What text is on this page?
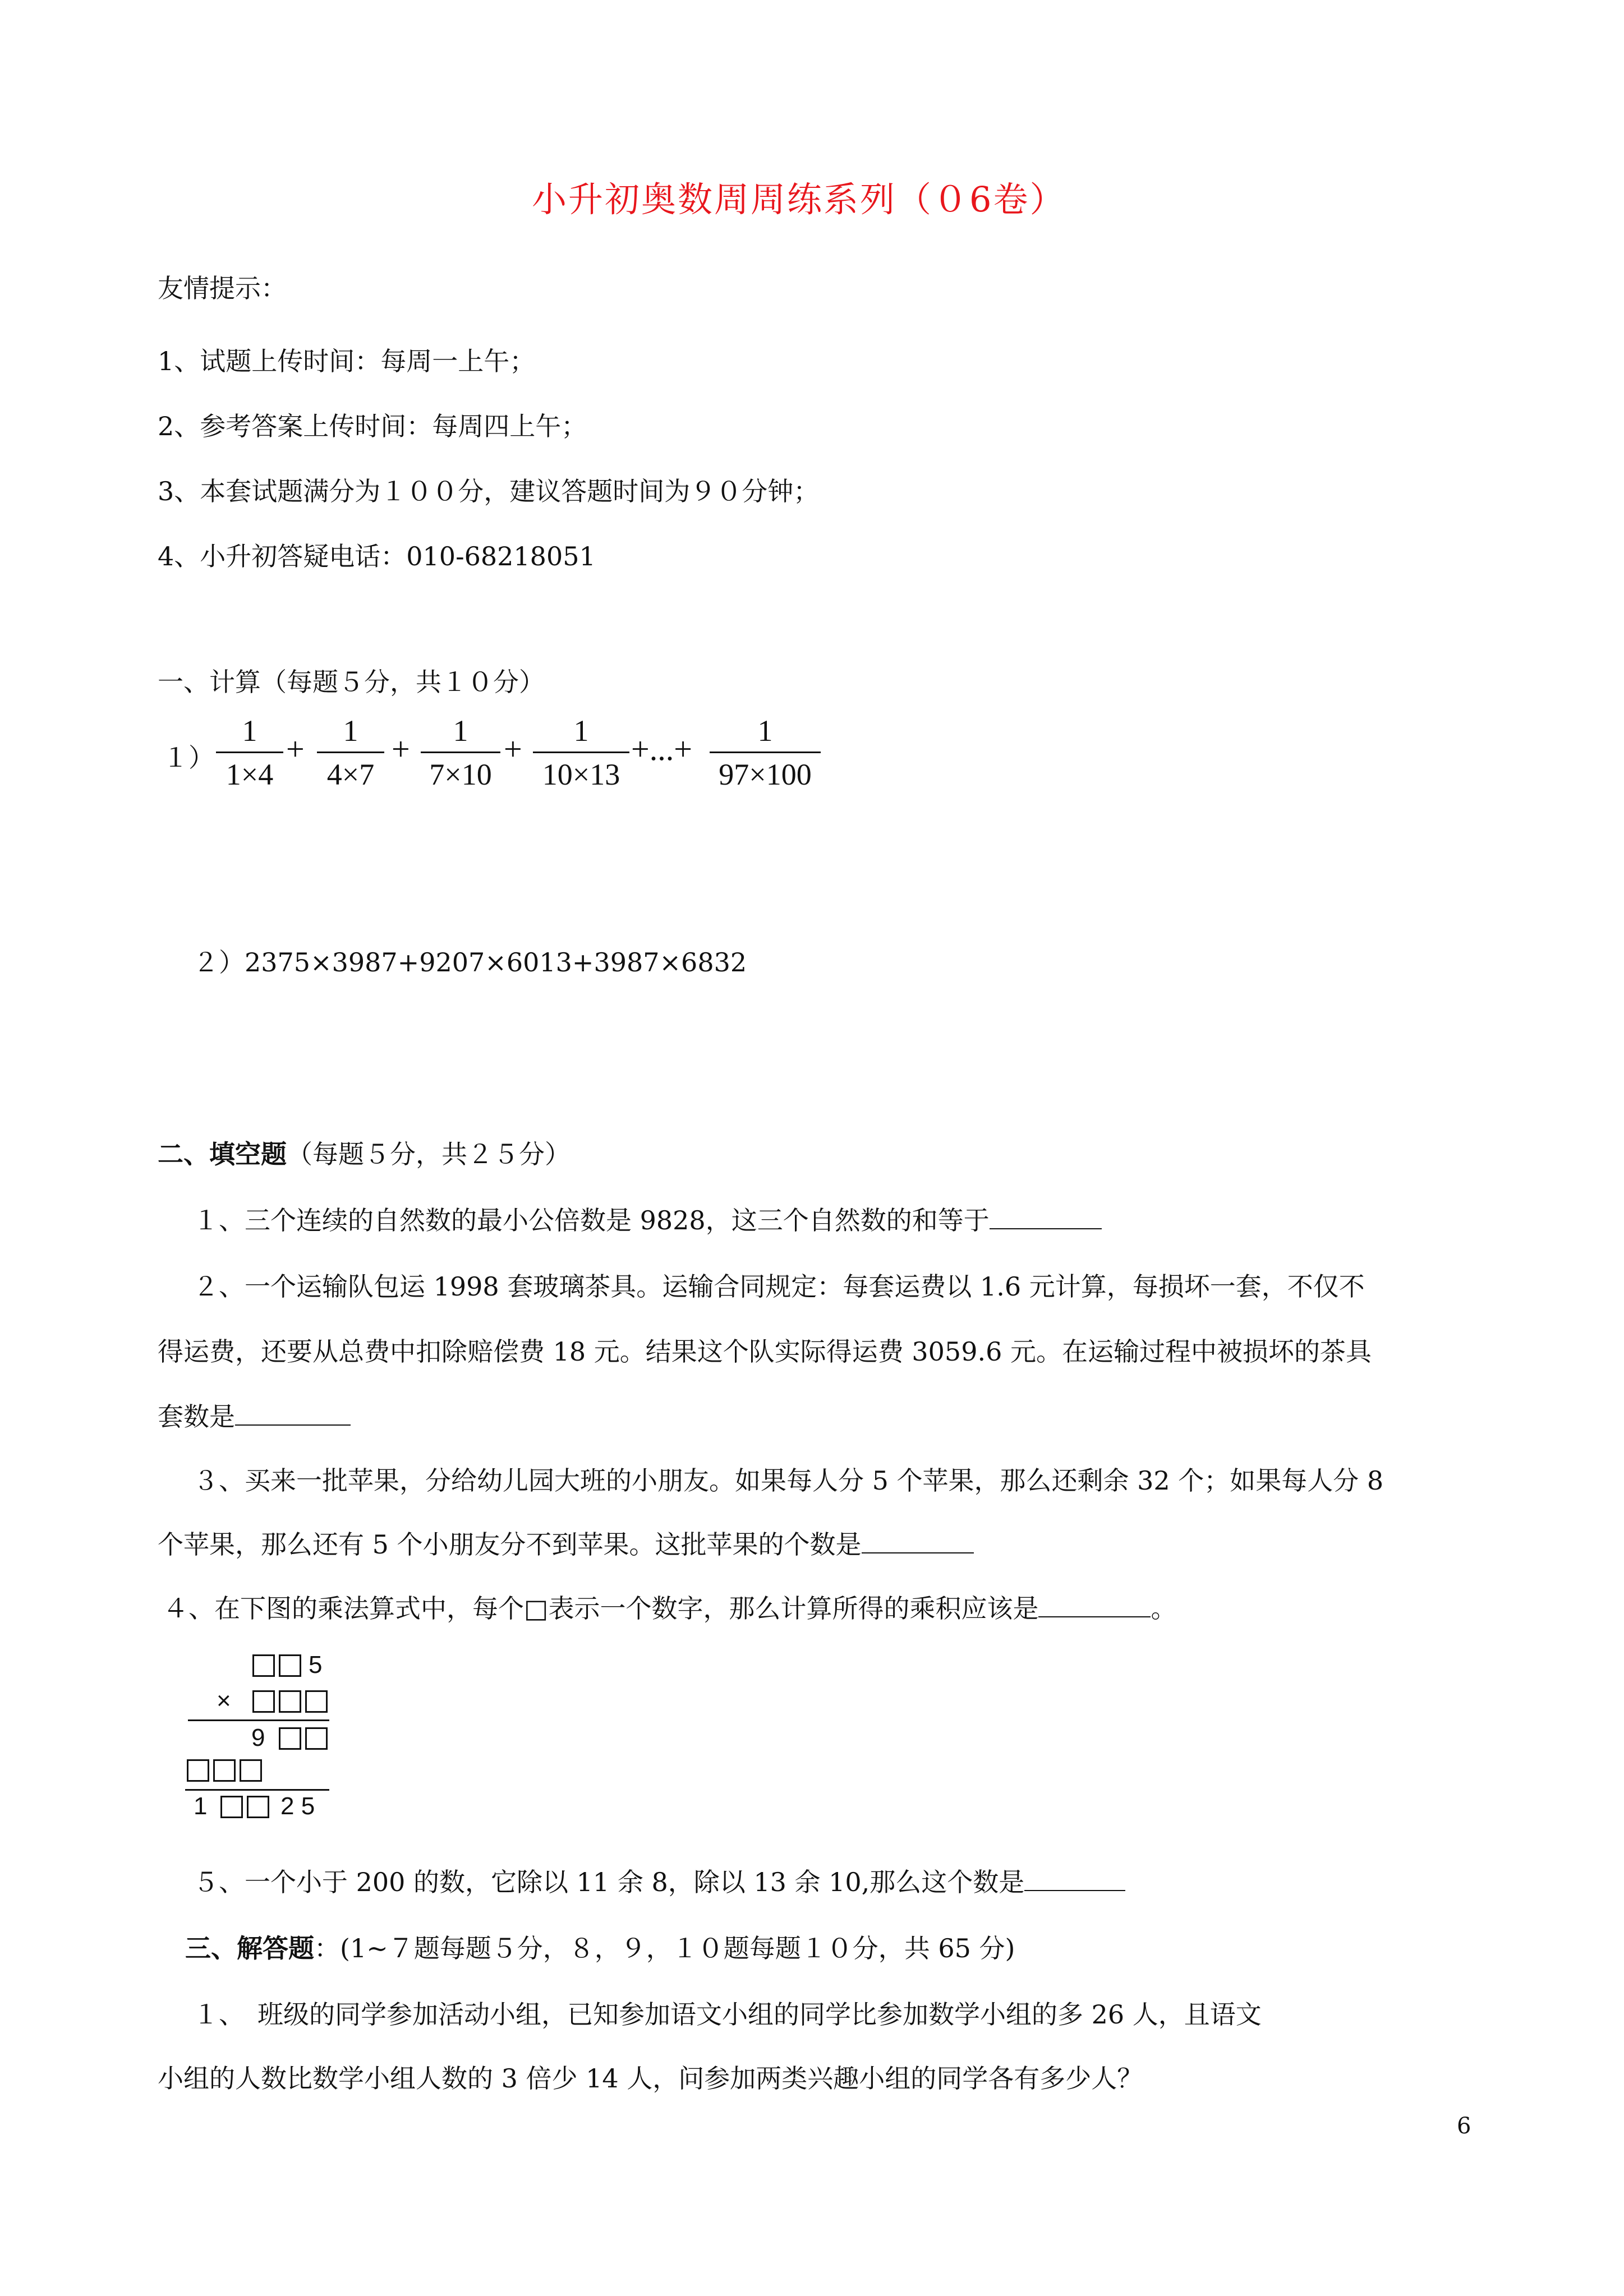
小升初奥数周周练系列（０6卷）
友情提示：
1、试题上传时间：每周一上午；
2、参考答案上传时间：每周四上午；
3、本套试题满分为１００分，建议答题时间为９０分钟；
4、小升初答疑电话：010-68218051
一、计算（每题５分，共１０分）
１）
1
1×4
+	1
4×7
+	1
7×10
+	1
10×13
+...+	1
97×100
２）2375×3987+9207×6013+3987×6832
二、填空题（每题５分，共２５分）
１、三个连续的自然数的最小公倍数是 9828，这三个自然数的和等于
２、一个运输队包运 1998 套玻璃茶具。运输合同规定：每套运费以 1.6 元计算，每损坏一套，不仅不
得运费，还要从总费中扣除赔偿费 18 元。结果这个队实际得运费 3059.6 元。在运输过程中被损坏的茶具
套数是
３、买来一批苹果，分给幼儿园大班的小朋友。如果每人分 5 个苹果，那么还剩余 32 个；如果每人分 8
个苹果，那么还有 5 个小朋友分不到苹果。这批苹果的个数是
４、在下图的乘法算式中，每个□表示一个数字，那么计算所得的乘积应该是	。
5
×
9
1	2 5
５、一个小于 200 的数，它除以 11 余 8，除以 13 余 10,那么这个数是
三、解答题：(1~７题每题５分，８，９，１０题每题１０分，共 65 分)
１、　班级的同学参加活动小组，已知参加语文小组的同学比参加数学小组的多 26 人，且语文
小组的人数比数学小组人数的 3 倍少 14 人，问参加两类兴趣小组的同学各有多少人？
6
